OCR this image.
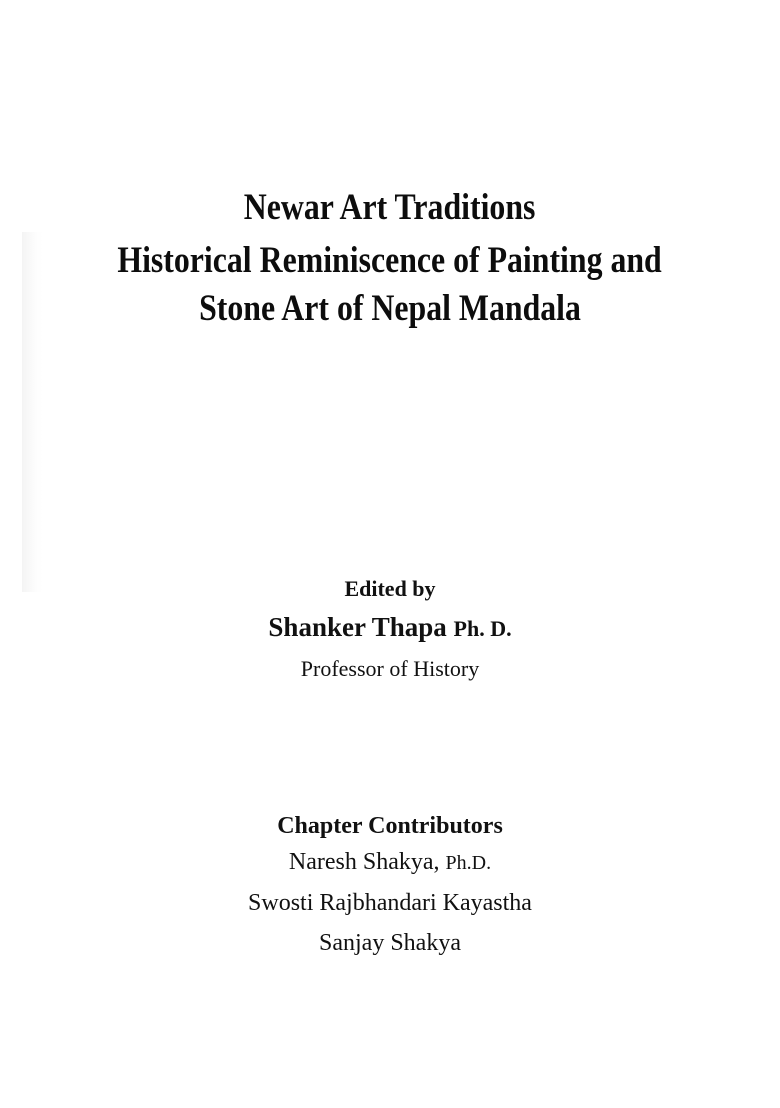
Newar Art Traditions
Historical Reminiscence of Painting and
Stone Art of Nepal Mandala
Edited by
Shanker Thapa Ph. D.
Professor of History
Chapter Contributors
Naresh Shakya, Ph.D.
Swosti Rajbhandari Kayastha
Sanjay Shakya
